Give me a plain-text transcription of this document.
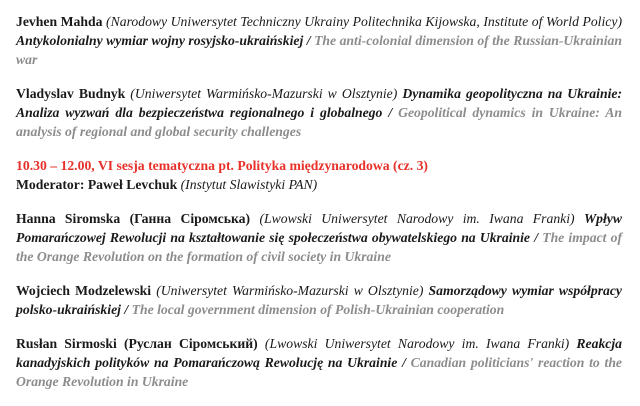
Jevhen Mahda (Narodowy Uniwersytet Techniczny Ukrainy Politechnika Kijowska, Institute of World Policy) Antykolonialny wymiar wojny rosyjsko-ukraińskiej / The anti-colonial dimension of the Russian-Ukrainian war

Vladyslav Budnyk (Uniwersytet Warmińsko-Mazurski w Olsztynie) Dynamika geopolityczna na Ukrainie: Analiza wyzwań dla bezpieczeństwa regionalnego i globalnego / Geopolitical dynamics in Ukraine: An analysis of regional and global security challenges

10.30 – 12.00, VI sesja tematyczna pt. Polityka międzynarodowa (cz. 3)

Moderator: Paweł Levchuk (Instytut Slawistyki PAN)

Hanna Siromska (Ганна Сіромська) (Lwowski Uniwersytet Narodowy im. Iwana Franki) Wpływ Pomarańczowej Rewolucji na kształtowanie się społeczeństwa obywatelskiego na Ukrainie / The impact of the Orange Revolution on the formation of civil society in Ukraine

Wojciech Modzelewski (Uniwersytet Warmińsko-Mazurski w Olsztynie) Samorządowy wymiar współpracy polsko-ukraińskiej / The local government dimension of Polish-Ukrainian cooperation

Rusłan Sirmoski (Руслан Сіромський) (Lwowski Uniwersytet Narodowy im. Iwana Franki) Reakcja kanadyjskich polityków na Pomarańczową Rewolucję na Ukrainie / Canadian politicians' reaction to the Orange Revolution in Ukraine
